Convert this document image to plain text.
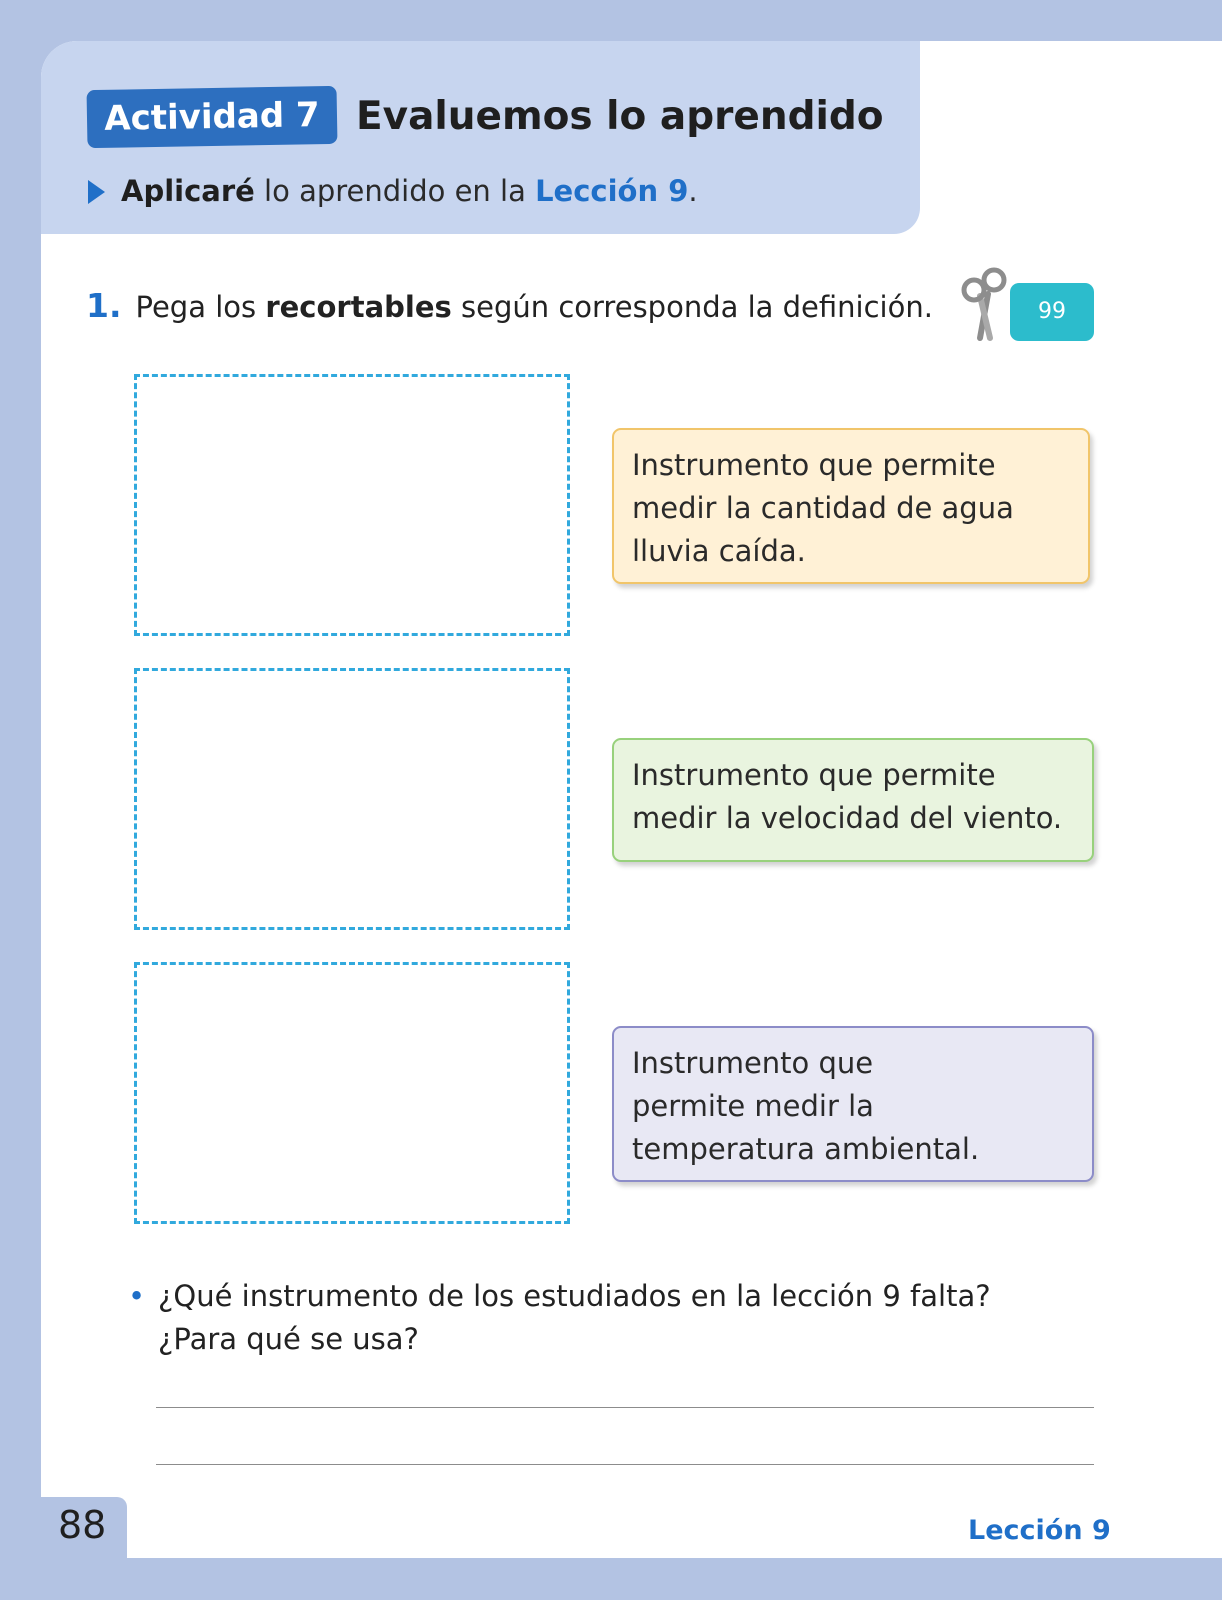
Actividad 7 Evaluemos lo aprendido
Aplicaré lo aprendido en la Lección 9.
1. Pega los recortables según corresponda la definición.	99
Instrumento que permite
medir la cantidad de agua
lluvia caída.
Instrumento que permite
medir la velocidad del viento.
Instrumento que
permite medir la
temperatura ambiental.
• ¿Qué instrumento de los estudiados en la lección 9 falta?
¿Para qué se usa?
88	Lección 9
